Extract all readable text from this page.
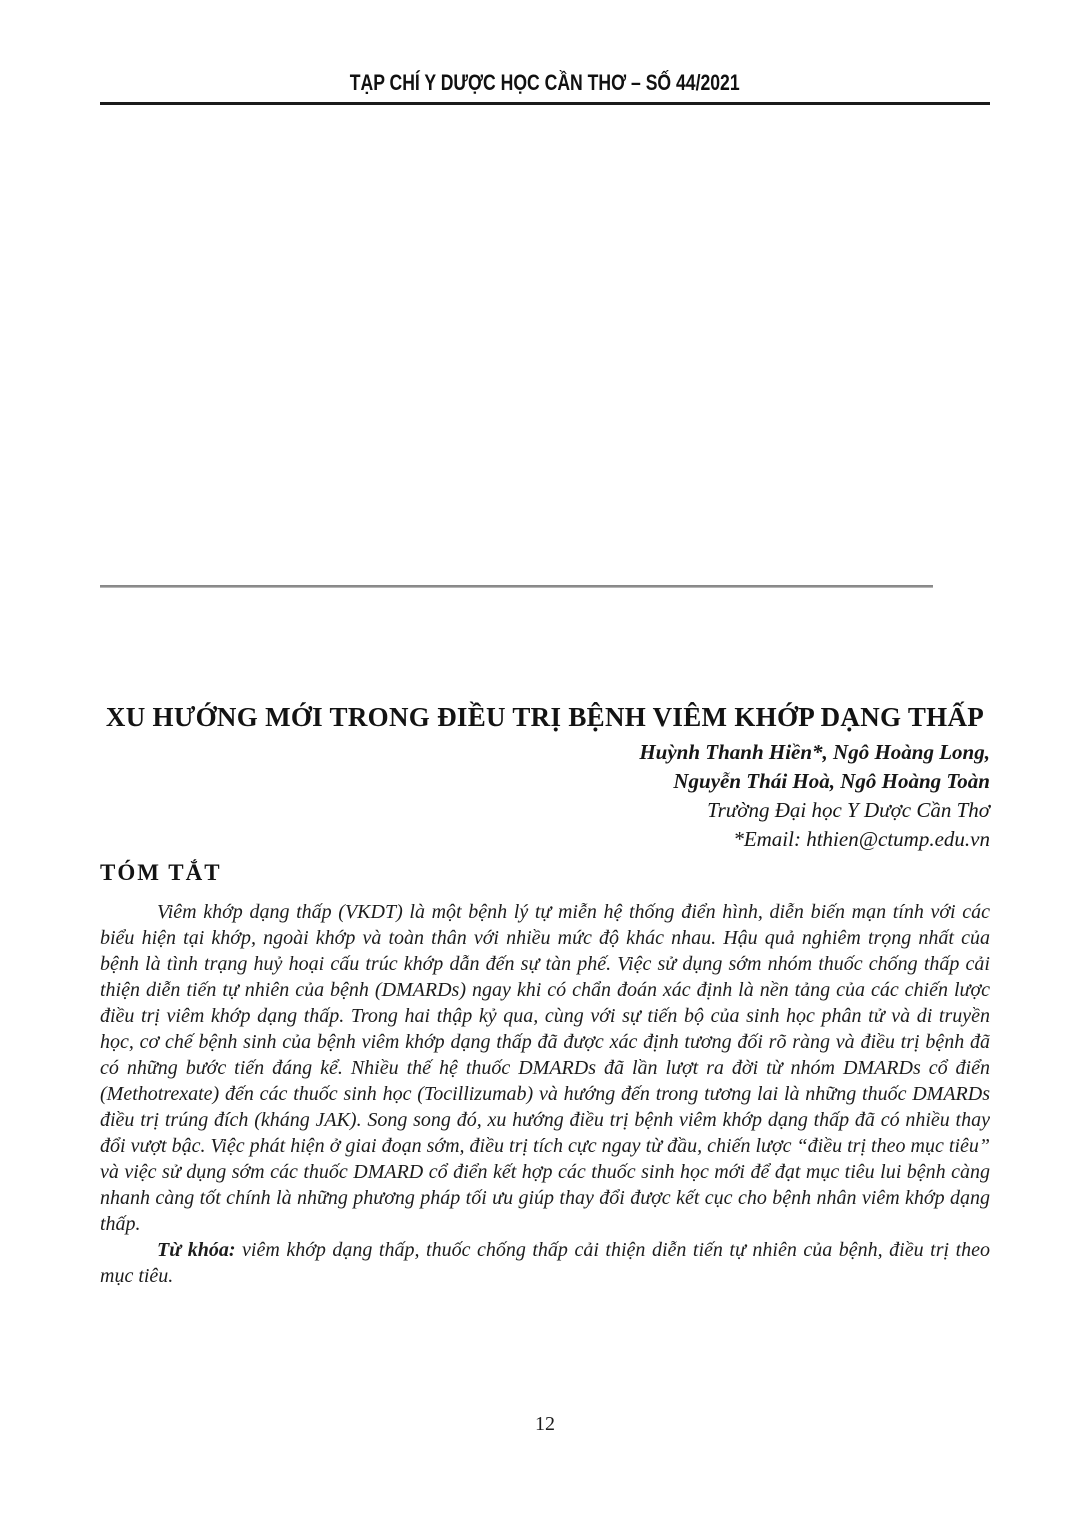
TẠP CHÍ Y DƯỢC HỌC CẦN THƠ – SỐ 44/2021
XU HƯỚNG MỚI TRONG ĐIỀU TRỊ BỆNH VIÊM KHỚP DẠNG THẤP
Huỳnh Thanh Hiền*, Ngô Hoàng Long,
Nguyễn Thái Hoà, Ngô Hoàng Toàn
Trường Đại học Y Dược Cần Thơ
*Email: hthien@ctump.edu.vn
TÓM TẮT

Viêm khớp dạng thấp (VKDT) là một bệnh lý tự miễn hệ thống điển hình, diễn biến mạn tính với các biểu hiện tại khớp, ngoài khớp và toàn thân với nhiều mức độ khác nhau. Hậu quả nghiêm trọng nhất của bệnh là tình trạng huỷ hoại cấu trúc khớp dẫn đến sự tàn phế. Việc sử dụng sớm nhóm thuốc chống thấp cải thiện diễn tiến tự nhiên của bệnh (DMARDs) ngay khi có chẩn đoán xác định là nền tảng của các chiến lược điều trị viêm khớp dạng thấp. Trong hai thập kỷ qua, cùng với sự tiến bộ của sinh học phân tử và di truyền học, cơ chế bệnh sinh của bệnh viêm khớp dạng thấp đã được xác định tương đối rõ ràng và điều trị bệnh đã có những bước tiến đáng kể. Nhiều thế hệ thuốc DMARDs đã lần lượt ra đời từ nhóm DMARDs cổ điển (Methotrexate) đến các thuốc sinh học (Tocillizumab) và hướng đến trong tương lai là những thuốc DMARDs điều trị trúng đích (kháng JAK). Song song đó, xu hướng điều trị bệnh viêm khớp dạng thấp đã có nhiều thay đổi vượt bậc. Việc phát hiện ở giai đoạn sớm, điều trị tích cực ngay từ đầu, chiến lược “điều trị theo mục tiêu” và việc sử dụng sớm các thuốc DMARD cổ điển kết hợp các thuốc sinh học mới để đạt mục tiêu lui bệnh càng nhanh càng tốt chính là những phương pháp tối ưu giúp thay đổi được kết cục cho bệnh nhân viêm khớp dạng thấp.

Từ khóa: viêm khớp dạng thấp, thuốc chống thấp cải thiện diễn tiến tự nhiên của bệnh, điều trị theo mục tiêu.

12
